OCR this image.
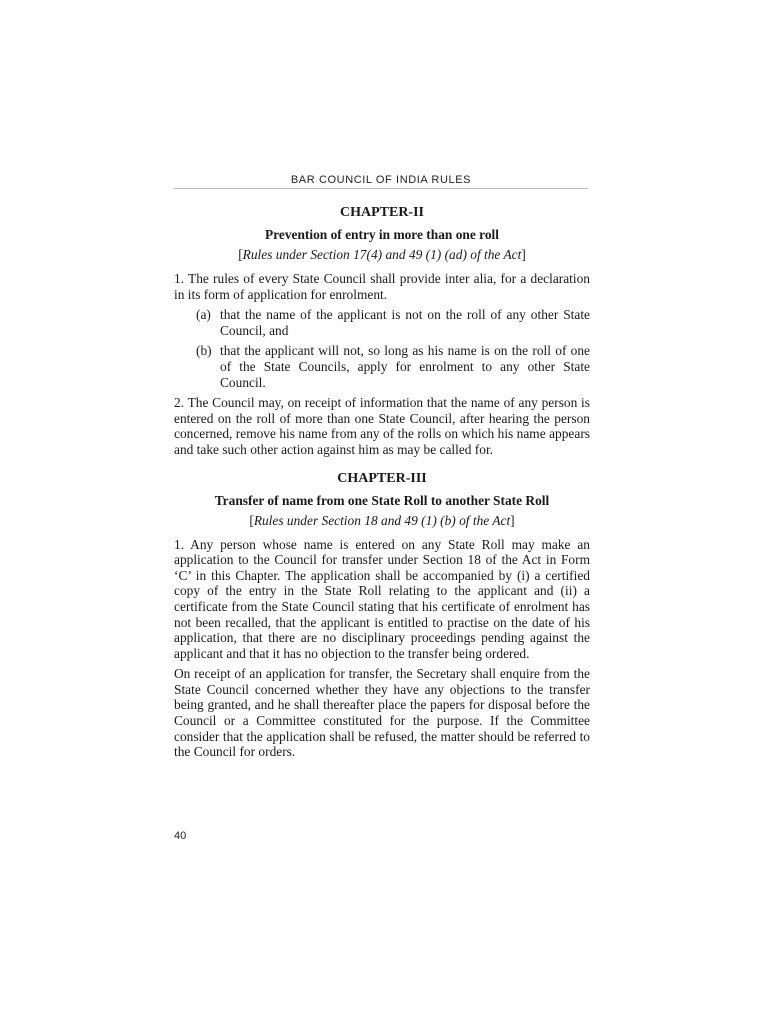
BAR COUNCIL OF INDIA RULES
CHAPTER-II
Prevention of entry in more than one roll
[Rules under Section 17(4) and 49 (1) (ad) of the Act]

1. The rules of every State Council shall provide inter alia, for a declaration in its form of application for enrolment.

(a) that the name of the applicant is not on the roll of any other State Council, and
(b) that the applicant will not, so long as his name is on the roll of one of the State Councils, apply for enrolment to any other State Council.

2. The Council may, on receipt of information that the name of any person is entered on the roll of more than one State Council, after hearing the person concerned, remove his name from any of the rolls on which his name appears and take such other action against him as may be called for.

CHAPTER-III
Transfer of name from one State Roll to another State Roll
[Rules under Section 18 and 49 (1) (b) of the Act]

1. Any person whose name is entered on any State Roll may make an application to the Council for transfer under Section 18 of the Act in Form ‘C’ in this Chapter. The application shall be accompanied by (i) a certified copy of the entry in the State Roll relating to the applicant and (ii) a certificate from the State Council stating that his certificate of enrolment has not been recalled, that the applicant is entitled to practise on the date of his application, that there are no disciplinary proceedings pending against the applicant and that it has no objection to the transfer being ordered.

On receipt of an application for transfer, the Secretary shall enquire from the State Council concerned whether they have any objections to the transfer being granted, and he shall thereafter place the papers for disposal before the Council or a Committee constituted for the purpose. If the Committee consider that the application shall be refused, the matter should be referred to the Council for orders.

40
